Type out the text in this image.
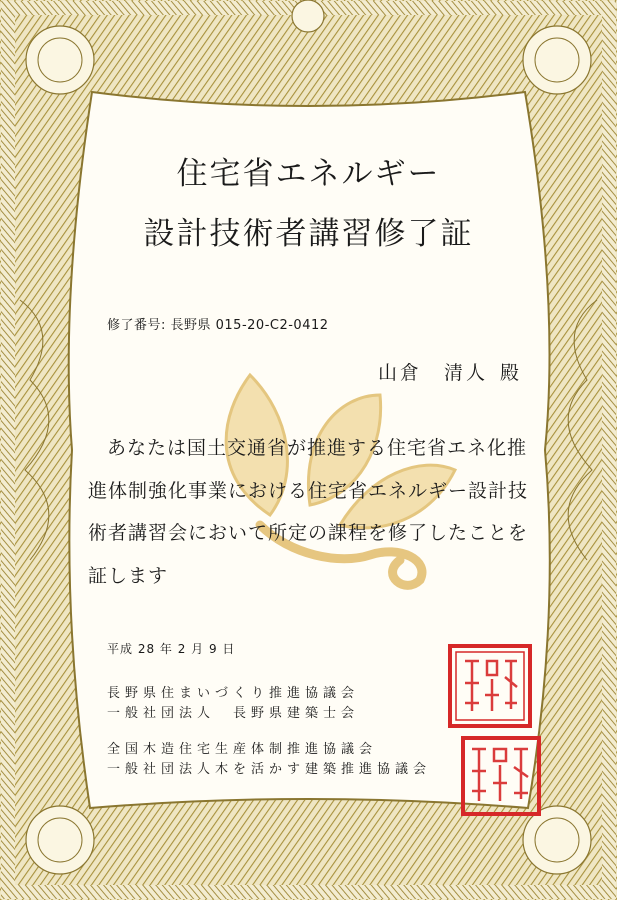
住宅省エネルギー
設計技術者講習修了証
修了番号: 長野県 015-20-C2-0412
山倉　清人 殿

あなたは国土交通省が推進する住宅省エネ化推進体制強化事業における住宅省エネルギー設計技術者講習会において所定の課程を修了したことを証します

平成 28 年 2 月 9 日
長野県住まいづくり推進協議会
一般社団法人　長野県建築士会
全国木造住宅生産体制推進協議会
一般社団法人木を活かす建築推進協議会
